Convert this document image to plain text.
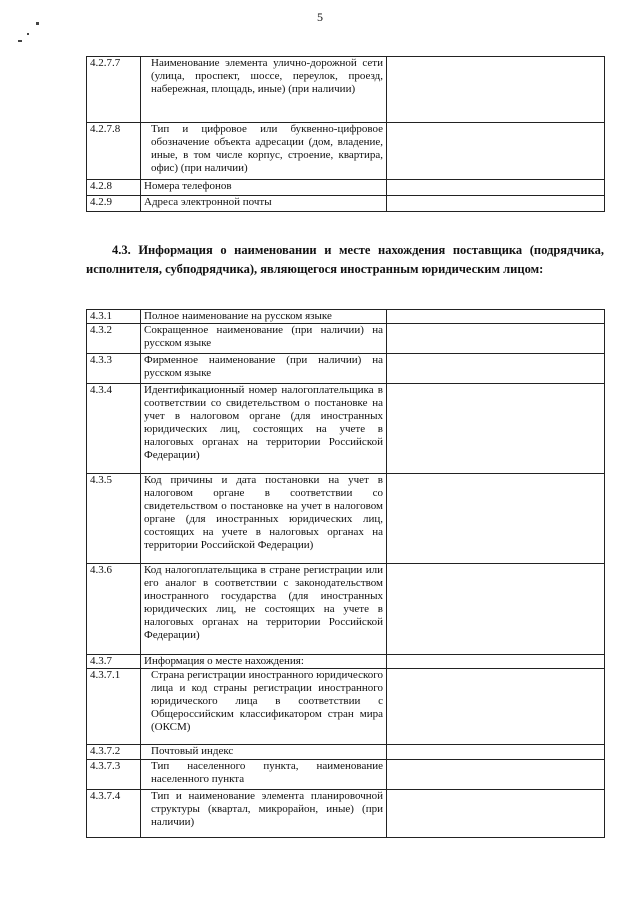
5
4.2.7.7	Наименование элемента улично-дорожной сети (улица, проспект, шоссе, переулок, проезд, набережная, площадь, иные) (при наличии)	
4.2.7.8	Тип и цифровое или буквенно-цифровое обозначение объекта адресации (дом, владение, иные, в том числе корпус, строение, квартира, офис) (при наличии)	
4.2.8	Номера телефонов	
4.2.9	Адреса электронной почты	
4.3. Информация о наименовании и месте нахождения поставщика (подрядчика, исполнителя, субподрядчика), являющегося иностранным юридическим лицом:
4.3.1	Полное наименование на русском языке	
4.3.2	Сокращенное наименование (при наличии) на русском языке	
4.3.3	Фирменное наименование (при наличии) на русском языке	
4.3.4	Идентификационный номер налогоплательщика в соответствии со свидетельством о постановке на учет в налоговом органе (для иностранных юридических лиц, состоящих на учете в налоговых органах на территории Российской Федерации)	
4.3.5	Код причины и дата постановки на учет в налоговом органе в соответствии со свидетельством о постановке на учет в налоговом органе (для иностранных юридических лиц, состоящих на учете в налоговых органах на территории Российской Федерации)	
4.3.6	Код налогоплательщика в стране регистрации или его аналог в соответствии с законодательством иностранного государства (для иностранных юридических лиц, не состоящих на учете в налоговых органах на территории Российской Федерации)	
4.3.7	Информация о месте нахождения:	
4.3.7.1	Страна регистрации иностранного юридического лица и код страны регистрации иностранного юридического лица в соответствии с Общероссийским классификатором стран мира (ОКСМ)	
4.3.7.2	Почтовый индекс	
4.3.7.3	Тип населенного пункта, наименование населенного пункта	
4.3.7.4	Тип и наименование элемента планировочной структуры (квартал, микрорайон, иные) (при наличии)	
